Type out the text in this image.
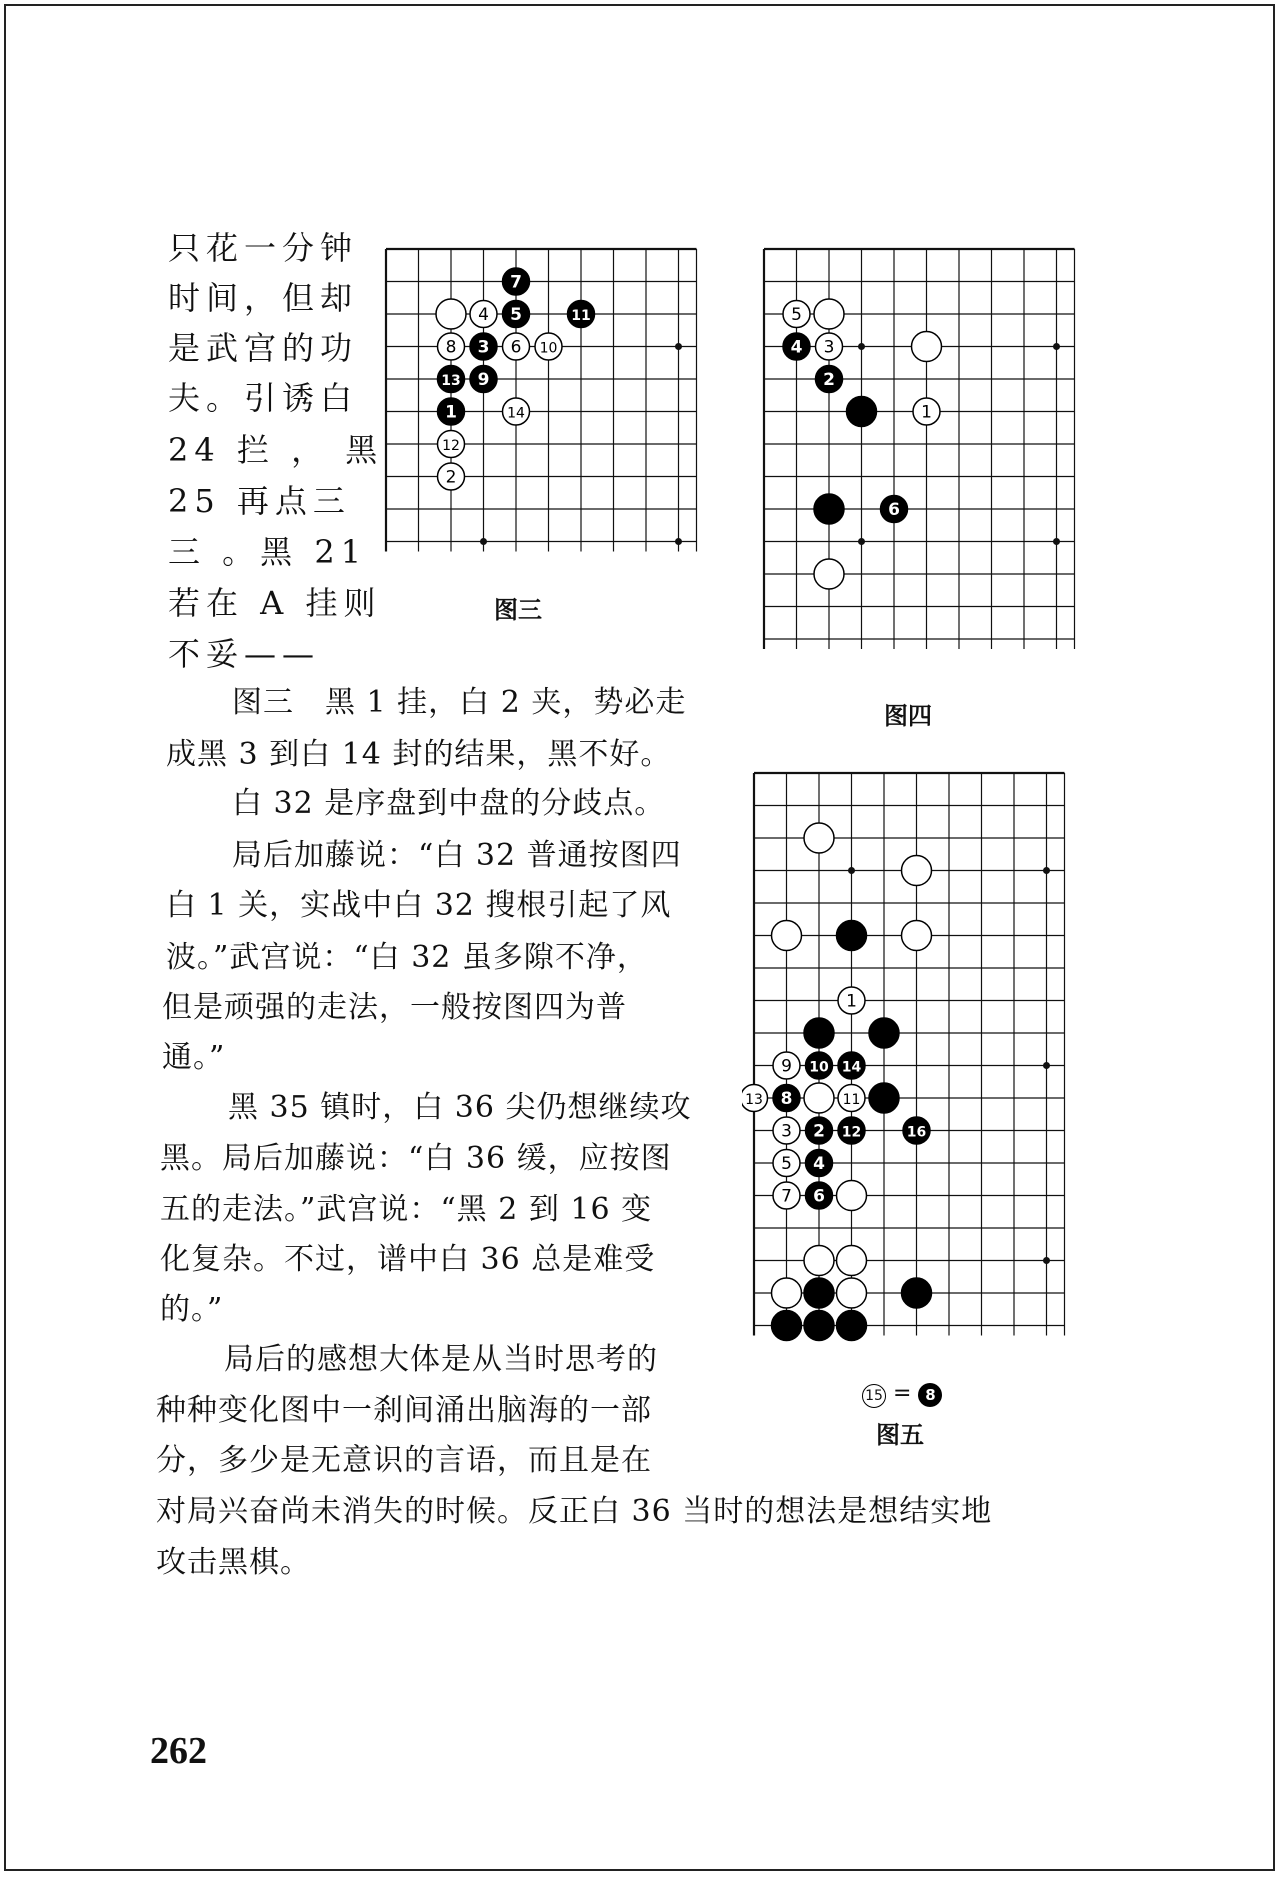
只花一分钟
时间，但却
是武宫的功
夫。引诱白
24 拦 ， 黑
25 再点三
三 。黑 21
若在 A 挂则
不妥——
图三　黑 1 挂，白 2 夹，势必走
成黑 3 到白 14 封的结果，黑不好。
白 32 是序盘到中盘的分歧点。
局后加藤说：“白 32 普通按图四
白 1 关，实战中白 32 搜根引起了风
波。”武宫说：“白 32 虽多隙不净，
但是顽强的走法，一般按图四为普
通。”
黑 35 镇时，白 36 尖仍想继续攻
黑。局后加藤说：“白 36 缓，应按图
五的走法。”武宫说：“黑 2 到 16 变
化复杂。不过，谱中白 36 总是难受
的。”
局后的感想大体是从当时思考的
种种变化图中一刹间涌出脑海的一部
分，多少是无意识的言语，而且是在
对局兴奋尚未消失的时候。反正白 36 当时的想法是想结实地
攻击黑棋。
7
4 5	11
8 3 6 10
13 9
1	14
12
2
5
4 3
2
1
6
1
9 10 14
13 8	11
3 2 12	16
5 4
7 6
图三
图四
15 = 8
图五
262
